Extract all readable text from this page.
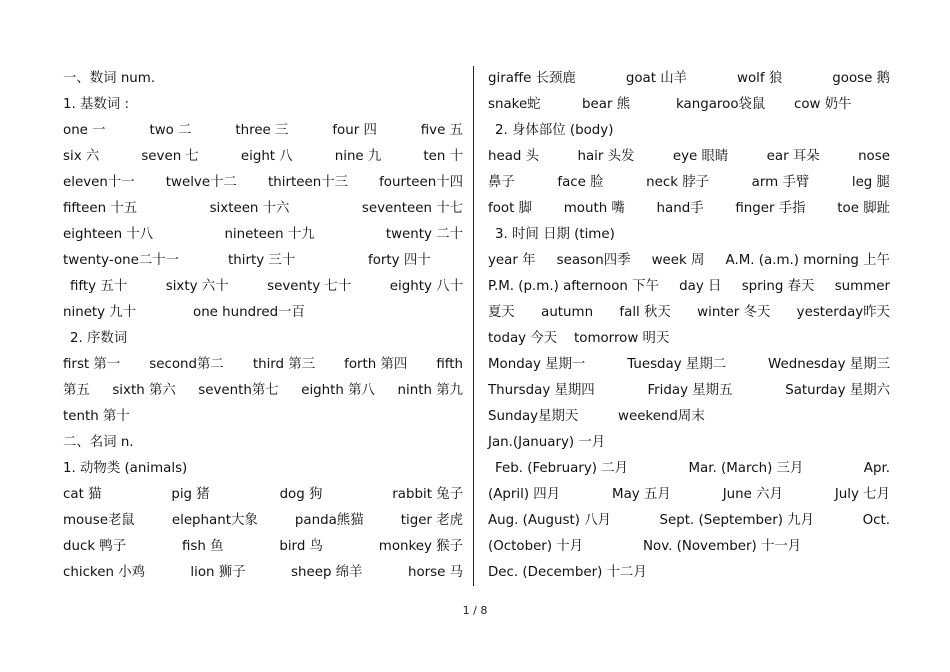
一、数词 num.
1. 基数词 :
one 一	two 二	three 三	four 四	five 五
six 六	seven 七	eight 八	nine 九	ten 十
eleven十一 twelve十二 thirteen十三 fourteen十四
fifteen 十五	sixteen 十六	seventeen 十七
eighteen 十八	nineteen 十九	twenty 二十
twenty-one二十一	thirty 三十	forty 四十
fifty 五十	sixty 六十	seventy 七十	eighty 八十
ninety 九十	one hundred一百
2. 序数词
first 第一 second第二 third 第三 forth 第四 fifth
第五 sixth 第六 seventh第七 eighth 第八 ninth 第九
tenth 第十
二、名词 n.
1. 动物类 (animals)
cat 猫	pig 猪	dog 狗	rabbit 兔子
mouse老鼠	elephant大象	panda熊猫	tiger 老虎
duck 鸭子	fish 鱼	bird 鸟	monkey 猴子
chicken 小鸡	lion 狮子	sheep 绵羊	horse 马
giraffe 长颈鹿	goat 山羊	wolf 狼	goose 鹅
snake蛇	bear 熊	kangaroo袋鼠	cow 奶牛
2. 身体部位 (body)
head 头	hair 头发	eye 眼睛	ear 耳朵	nose
鼻子	face 脸	neck 脖子	arm 手臂	leg 腿
foot 脚 mouth 嘴 hand手 finger 手指 toe 脚趾
3. 时间 日期 (time)
year 年 season四季 week 周 A.M. (a.m.) morning 上午
P.M. (p.m.) afternoon 下午 day 日 spring 春天 summer
夏天 autumn fall 秋天 winter 冬天 yesterday昨天
today 今天	tomorrow 明天
Monday 星期一	Tuesday 星期二	Wednesday 星期三
Thursday 星期四	Friday 星期五	Saturday 星期六
Sunday星期天	weekend周末
Jan.(January) 一月
Feb. (February) 二月	Mar. (March) 三月	Apr.
(April) 四月	May 五月	June 六月	July 七月
Aug. (August) 八月	Sept. (September) 九月	Oct.
(October) 十月	Nov. (November) 十一月
Dec. (December) 十二月
1 / 8
